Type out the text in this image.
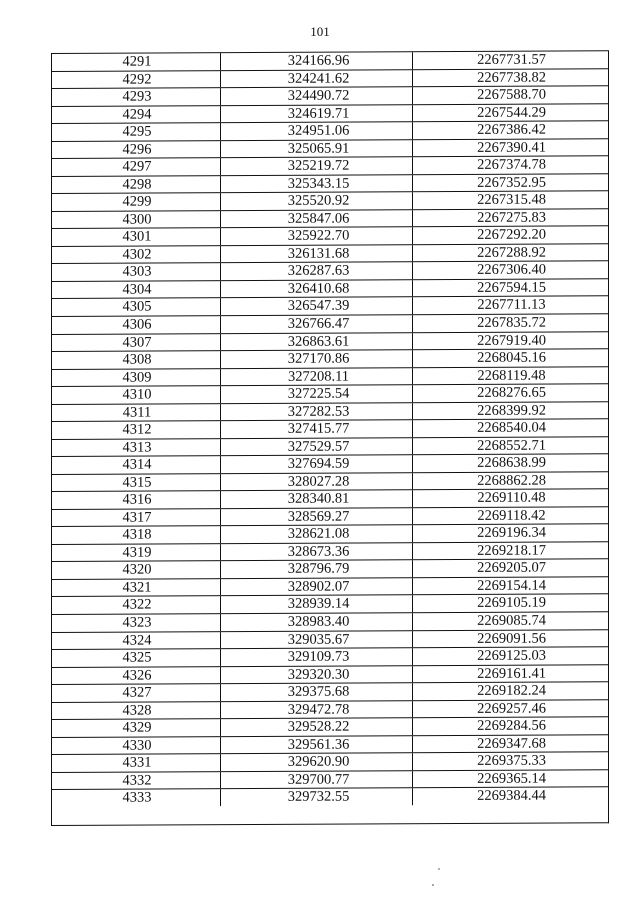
101
4291	324166.96	2267731.57
4292	324241.62	2267738.82
4293	324490.72	2267588.70
4294	324619.71	2267544.29
4295	324951.06	2267386.42
4296	325065.91	2267390.41
4297	325219.72	2267374.78
4298	325343.15	2267352.95
4299	325520.92	2267315.48
4300	325847.06	2267275.83
4301	325922.70	2267292.20
4302	326131.68	2267288.92
4303	326287.63	2267306.40
4304	326410.68	2267594.15
4305	326547.39	2267711.13
4306	326766.47	2267835.72
4307	326863.61	2267919.40
4308	327170.86	2268045.16
4309	327208.11	2268119.48
4310	327225.54	2268276.65
4311	327282.53	2268399.92
4312	327415.77	2268540.04
4313	327529.57	2268552.71
4314	327694.59	2268638.99
4315	328027.28	2268862.28
4316	328340.81	2269110.48
4317	328569.27	2269118.42
4318	328621.08	2269196.34
4319	328673.36	2269218.17
4320	328796.79	2269205.07
4321	328902.07	2269154.14
4322	328939.14	2269105.19
4323	328983.40	2269085.74
4324	329035.67	2269091.56
4325	329109.73	2269125.03
4326	329320.30	2269161.41
4327	329375.68	2269182.24
4328	329472.78	2269257.46
4329	329528.22	2269284.56
4330	329561.36	2269347.68
4331	329620.90	2269375.33
4332	329700.77	2269365.14
4333	329732.55	2269384.44
